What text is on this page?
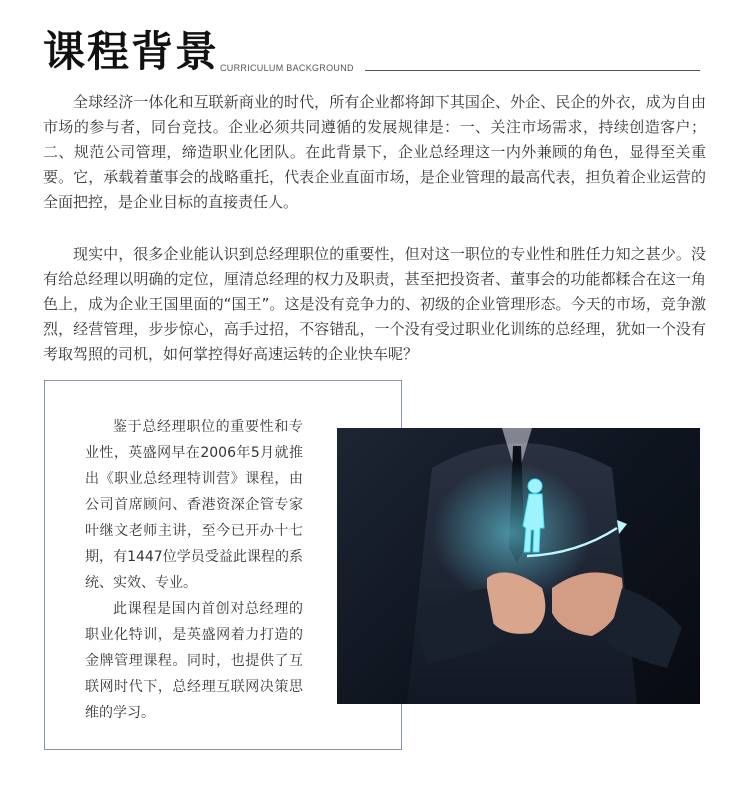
课程背景 CURRICULUM BACKGROUND

全球经济一体化和互联新商业的时代，所有企业都将卸下其国企、外企、民企的外衣，成为自由市场的参与者，同台竞技。企业必须共同遵循的发展规律是：一、关注市场需求，持续创造客户；二、规范公司管理，缔造职业化团队。在此背景下，企业总经理这一内外兼顾的角色，显得至关重要。它，承载着董事会的战略重托，代表企业直面市场，是企业管理的最高代表，担负着企业运营的全面把控，是企业目标的直接责任人。

现实中，很多企业能认识到总经理职位的重要性，但对这一职位的专业性和胜任力知之甚少。没有给总经理以明确的定位，厘清总经理的权力及职责，甚至把投资者、董事会的功能都糅合在这一角色上，成为企业王国里面的“国王”。这是没有竞争力的、初级的企业管理形态。今天的市场，竞争激烈，经营管理，步步惊心，高手过招，不容错乱，一个没有受过职业化训练的总经理，犹如一个没有考取驾照的司机，如何掌控得好高速运转的企业快车呢？

鉴于总经理职位的重要性和专业性，英盛网早在2006年5月就推出《职业总经理特训营》课程，由公司首席顾问、香港资深企管专家叶继文老师主讲，至今已开办十七期，有1447位学员受益此课程的系统、实效、专业。

此课程是国内首创对总经理的职业化特训，是英盛网着力打造的金牌管理课程。同时，也提供了互联网时代下，总经理互联网决策思维的学习。
